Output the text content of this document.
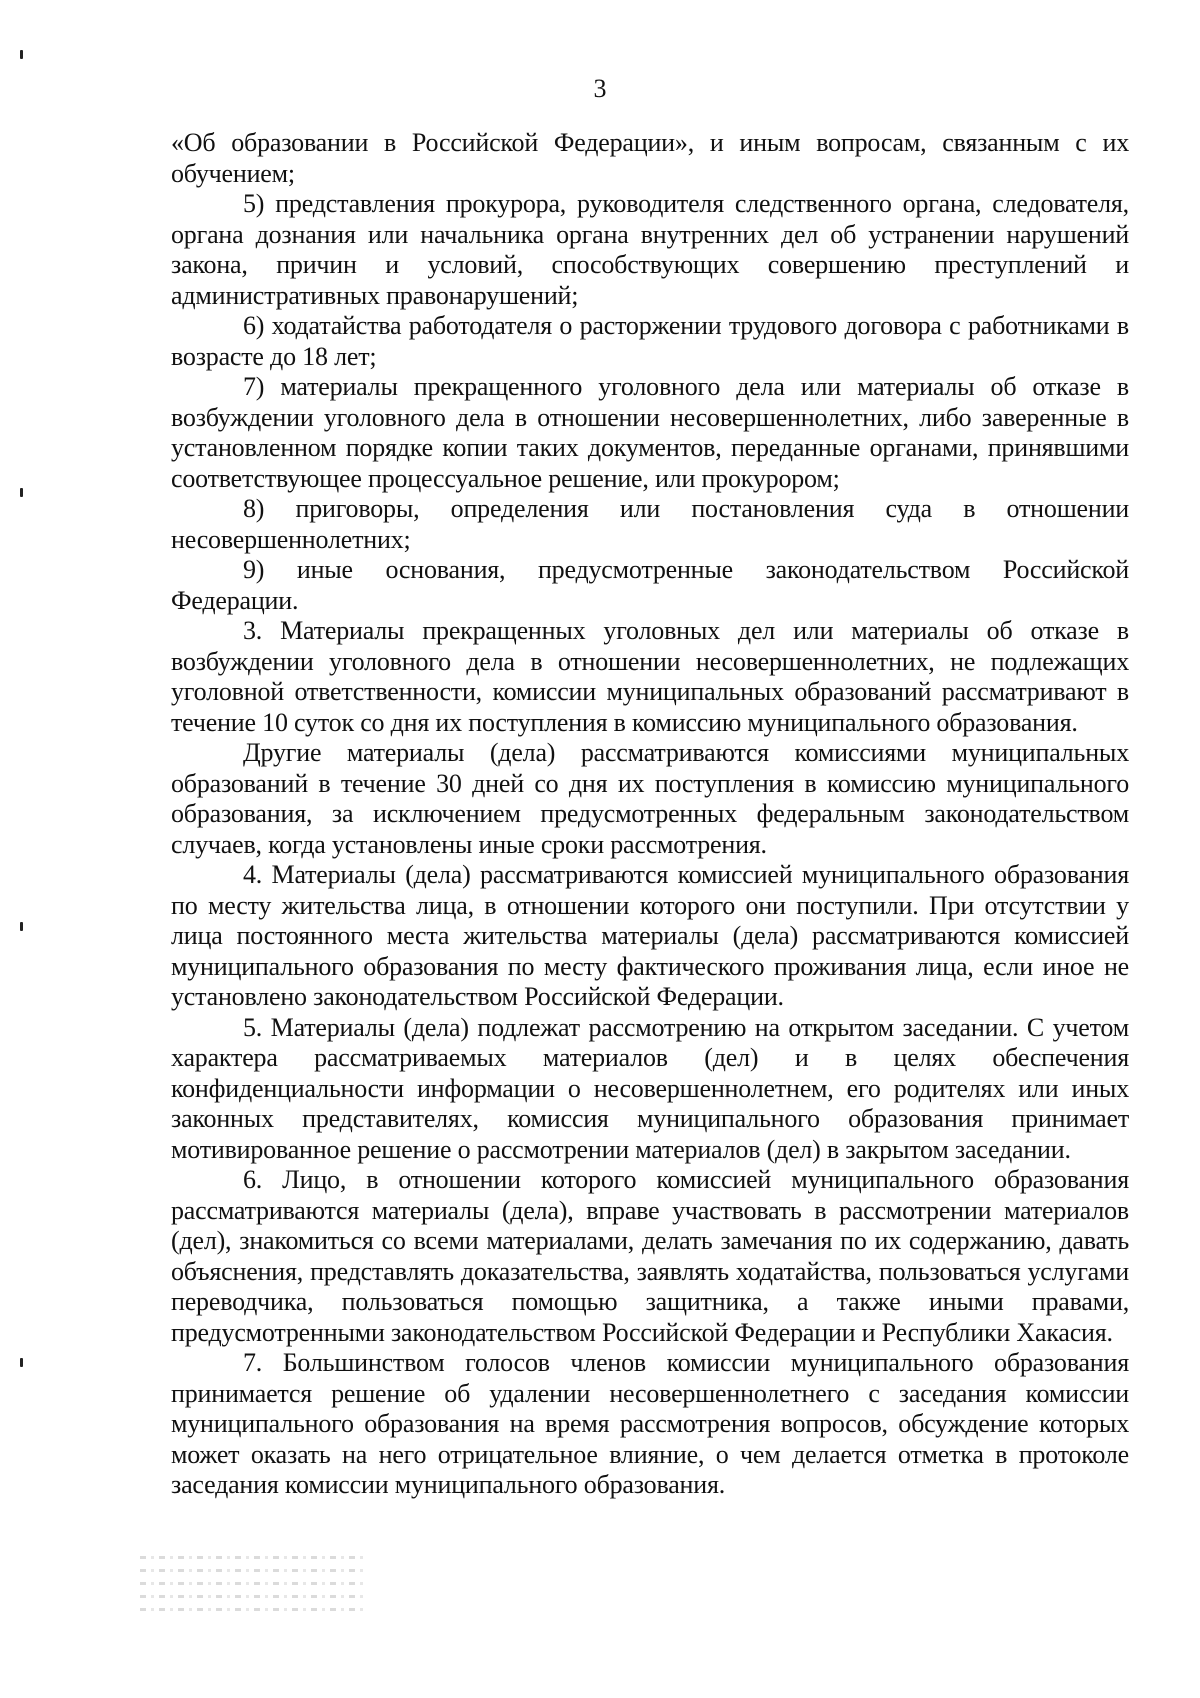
3

«Об образовании в Российской Федерации», и иным вопросам, связанным с их обучением;

5) представления прокурора, руководителя следственного органа, следователя, органа дознания или начальника органа внутренних дел об устранении нарушений закона, причин и условий, способствующих совершению преступлений и административных правонарушений;

6) ходатайства работодателя о расторжении трудового договора с работниками в возрасте до 18 лет;

7) материалы прекращенного уголовного дела или материалы об отказе в возбуждении уголовного дела в отношении несовершеннолетних, либо заверенные в установленном порядке копии таких документов, переданные органами, принявшими соответствующее процессуальное решение, или прокурором;

8) приговоры, определения или постановления суда в отношении несовершеннолетних;

9) иные основания, предусмотренные законодательством Российской Федерации.

3. Материалы прекращенных уголовных дел или материалы об отказе в возбуждении уголовного дела в отношении несовершеннолетних, не подлежащих уголовной ответственности, комиссии муниципальных образований рассматривают в течение 10 суток со дня их поступления в комиссию муниципального образования.

Другие материалы (дела) рассматриваются комиссиями муниципальных образований в течение 30 дней со дня их поступления в комиссию муниципального образования, за исключением предусмотренных федеральным законодательством случаев, когда установлены иные сроки рассмотрения.

4. Материалы (дела) рассматриваются комиссией муниципального образования по месту жительства лица, в отношении которого они поступили. При отсутствии у лица постоянного места жительства материалы (дела) рассматриваются комиссией муниципального образования по месту фактического проживания лица, если иное не установлено законодательством Российской Федерации.

5. Материалы (дела) подлежат рассмотрению на открытом заседании. С учетом характера рассматриваемых материалов (дел) и в целях обеспечения конфиденциальности информации о несовершеннолетнем, его родителях или иных законных представителях, комиссия муниципального образования принимает мотивированное решение о рассмотрении материалов (дел) в закрытом заседании.

6. Лицо, в отношении которого комиссией муниципального образования рассматриваются материалы (дела), вправе участвовать в рассмотрении материалов (дел), знакомиться со всеми материалами, делать замечания по их содержанию, давать объяснения, представлять доказательства, заявлять ходатайства, пользоваться услугами переводчика, пользоваться помощью защитника, а также иными правами, предусмотренными законодательством Российской Федерации и Республики Хакасия.

7. Большинством голосов членов комиссии муниципального образования принимается решение об удалении несовершеннолетнего с заседания комиссии муниципального образования на время рассмотрения вопросов, обсуждение которых может оказать на него отрицательное влияние, о чем делается отметка в протоколе заседания комиссии муниципального образования.
